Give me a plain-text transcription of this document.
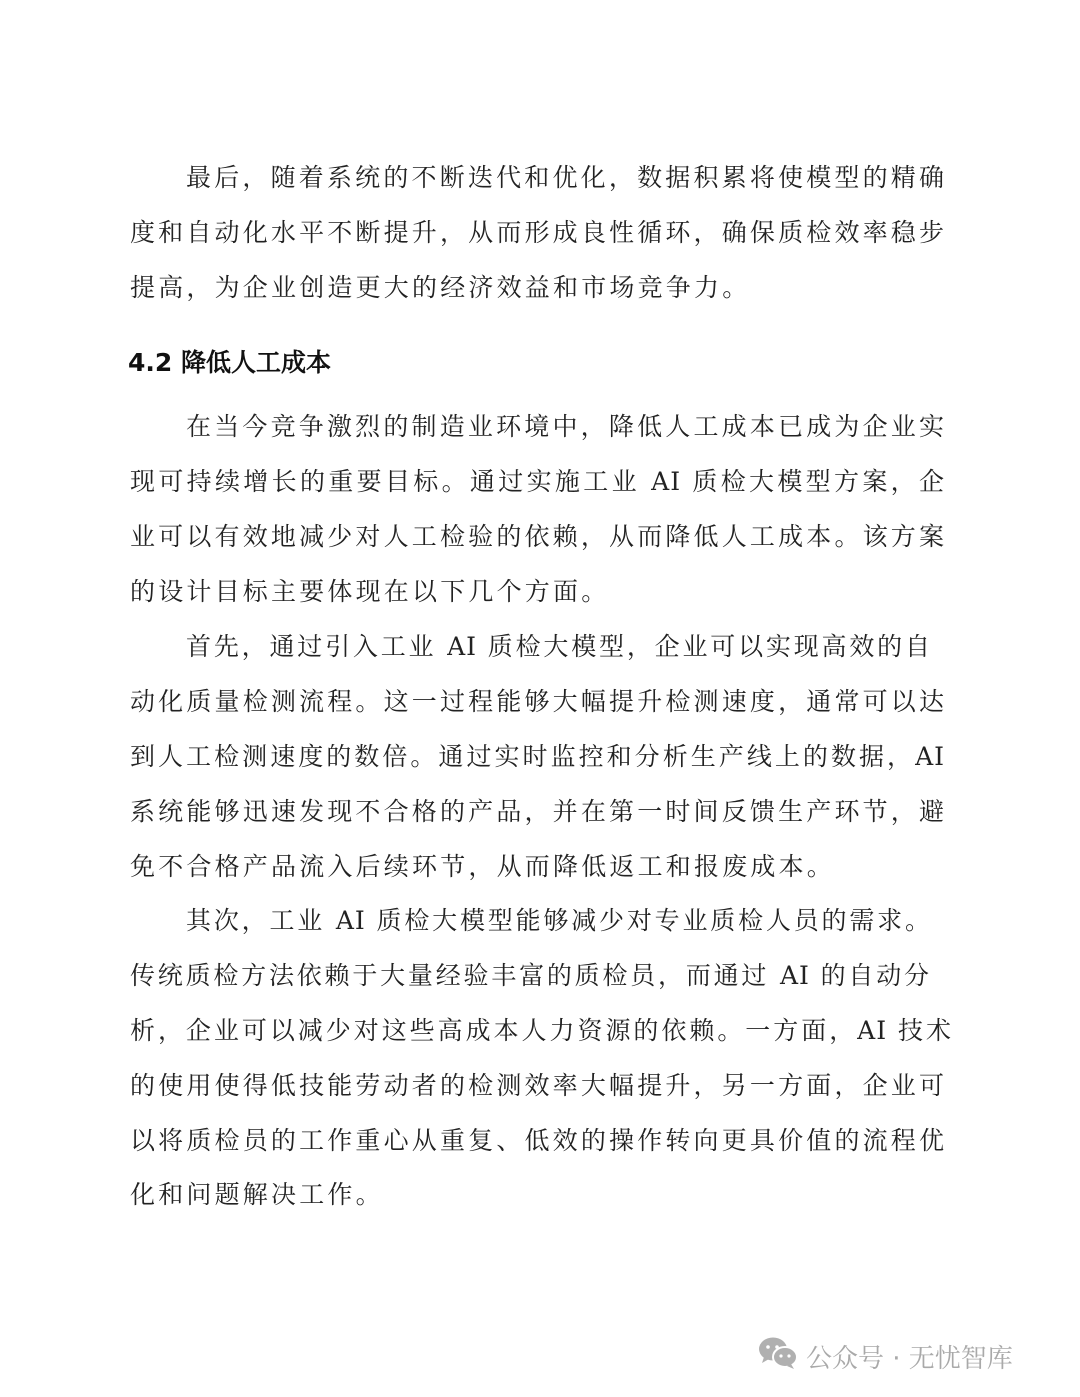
最后，随着系统的不断迭代和优化，数据积累将使模型的精确
度和自动化水平不断提升，从而形成良性循环，确保质检效率稳步
提高，为企业创造更大的经济效益和市场竞争力。
4.2 降低人工成本
在当今竞争激烈的制造业环境中，降低人工成本已成为企业实
现可持续增长的重要目标。通过实施工业 AI 质检大模型方案，企
业可以有效地减少对人工检验的依赖，从而降低人工成本。该方案
的设计目标主要体现在以下几个方面。
首先，通过引入工业 AI 质检大模型，企业可以实现高效的自
动化质量检测流程。这一过程能够大幅提升检测速度，通常可以达
到人工检测速度的数倍。通过实时监控和分析生产线上的数据，AI
系统能够迅速发现不合格的产品，并在第一时间反馈生产环节，避
免不合格产品流入后续环节，从而降低返工和报废成本。
其次，工业 AI 质检大模型能够减少对专业质检人员的需求。
传统质检方法依赖于大量经验丰富的质检员，而通过 AI 的自动分
析，企业可以减少对这些高成本人力资源的依赖。一方面，AI 技术
的使用使得低技能劳动者的检测效率大幅提升，另一方面，企业可
以将质检员的工作重心从重复、低效的操作转向更具价值的流程优
化和问题解决工作。
公众号 · 无忧智库
